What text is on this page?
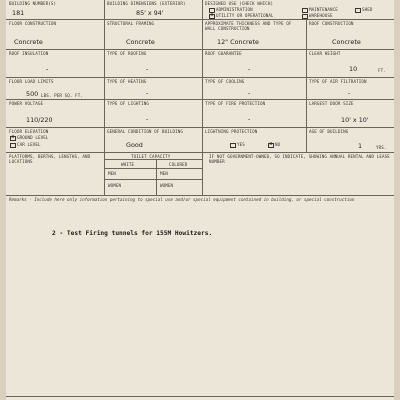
BUILDING NUMBER(S)
181
BUILDING DIMENSIONS (EXTERIOR)
85' x 94'
DESIGNED USE (CHECK WHICH)
ADMINISTRATION	MAINTENANCE	SHED
x
UTILITY OR OPERATIONAL	WAREHOUSE
FLOOR CONSTRUCTION
Concrete
STRUCTURAL FRAMING
Concrete
APPROXIMATE THICKNESS AND TYPE OF WALL CONSTRUCTION
12" Concrete
ROOF CONSTRUCTION
Concrete
ROOF INSULATION
-
TYPE OF ROOFING
-
ROOF GUARANTEE
-
CLEAR HEIGHT
10	FT.
FLOOR LOAD LIMITS
500 LBS. PER SQ. FT.
TYPE OF HEATING
-
TYPE OF COOLING
-
TYPE OF AIR FILTRATION
-
POWER VOLTAGE
110/220
TYPE OF LIGHTING
-
TYPE OF FIRE PROTECTION
-
LARGEST DOOR SIZE
10' x 10'
FLOOR ELEVATION
x
GROUND LEVEL
CAR LEVEL
GENERAL CONDITION OF BUILDING
Good
LIGHTNING PROTECTION
YES
x	NO
AGE OF BUILDING
1	YRS.
PLATFORMS, BERTHS, LENGTHS, AND LOCATIONS
TOILET CAPACITY
WHITE	COLORED
MEN	MEN
WOMEN	WOMEN
IF NOT GOVERNMENT-OWNED, SO INDICATE, SHOWING ANNUAL RENTAL AND LEASE NUMBER
Remarks - Include here only information pertaining to special use and/or special equipment contained in building, or special construction
2 - Test Firing tunnels for 155M Howitzers.
